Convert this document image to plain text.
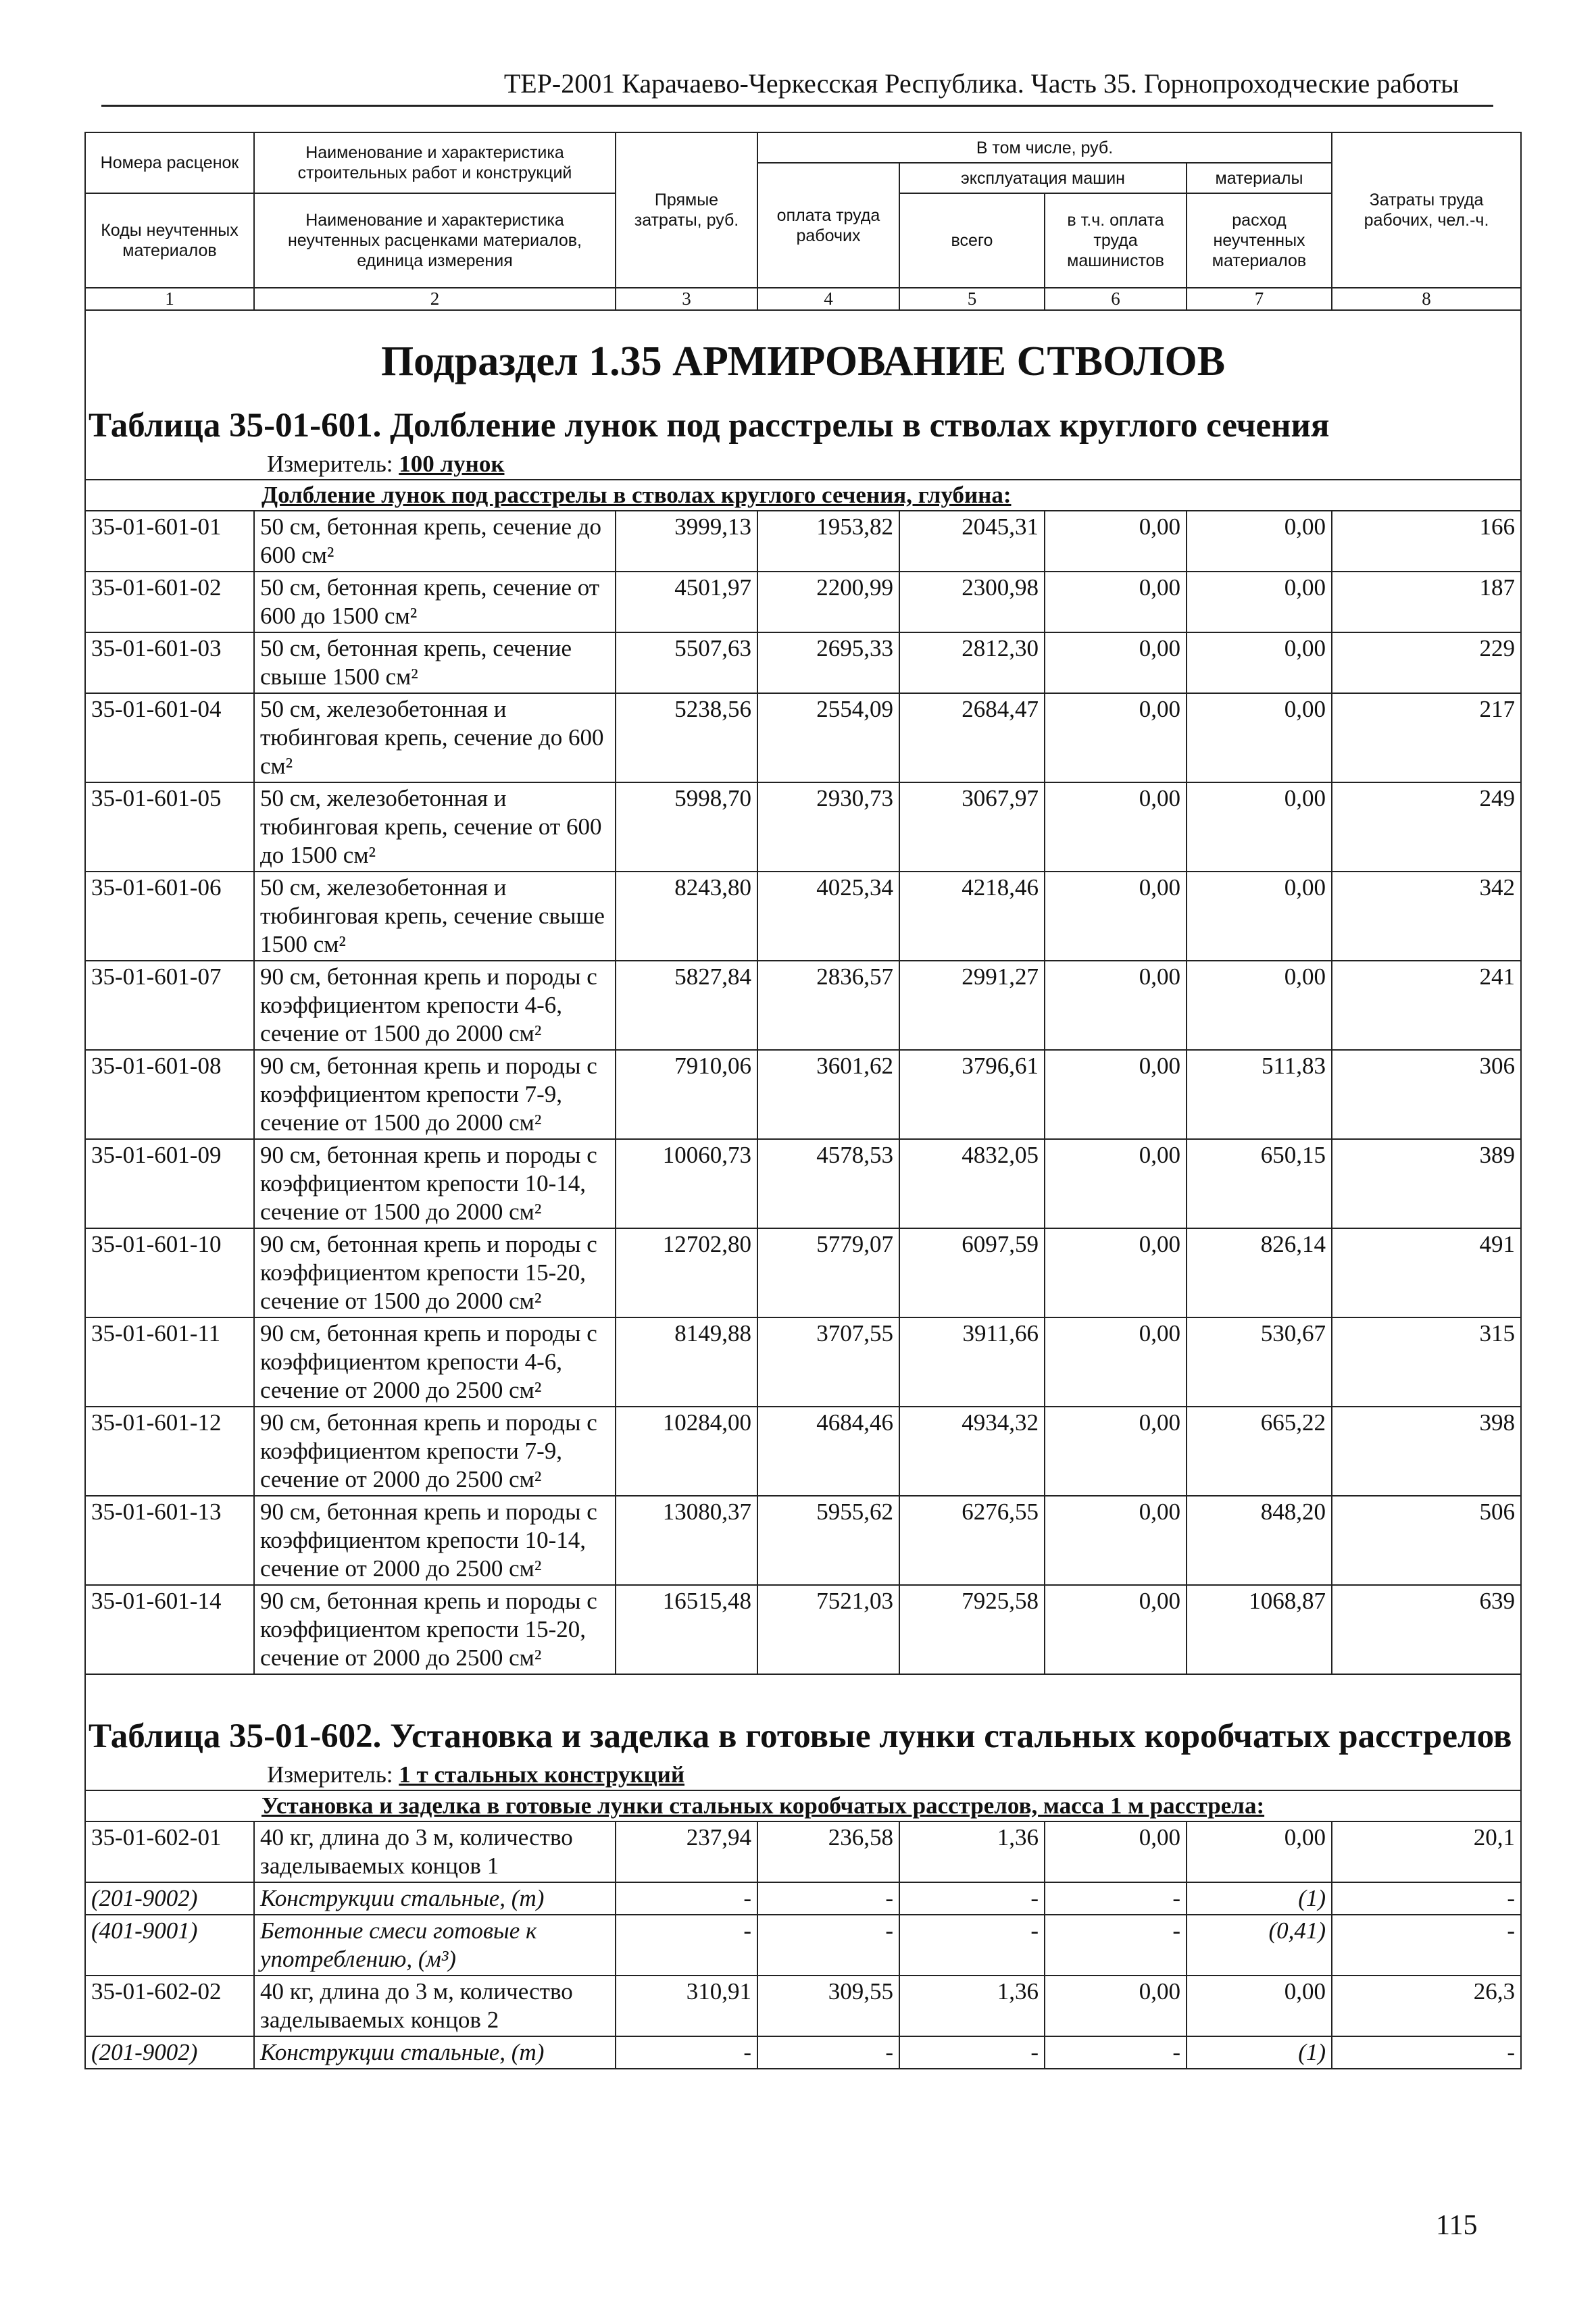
ТЕР-2001 Карачаево-Черкесская Республика. Часть 35. Горнопроходческие работы
Номера расценок	Наименование и характеристика строительных работ и конструкций	Прямые затраты, руб.	В том числе, руб.				Затраты труда рабочих, чел.-ч.
			оплата труда рабочих	эксплуатация машин		материалы	
Коды неучтенных материалов	Наименование и характеристика неучтенных расценками материалов, единица измерения			всего	в т.ч. оплата труда машинистов	расход неучтенных материалов	

1	2	3	4	5	6	7	8
Подраздел 1.35 АРМИРОВАНИЕ СТВОЛОВ							
Таблица 35-01-601. Долбление лунок под расстрелы в стволах круглого сечения							
Измеритель: 100 лунок							
Долбление лунок под расстрелы в стволах круглого сечения, глубина:							
35-01-601-01	50 см, бетонная крепь, сечение до 600 см²	3999,13	1953,82	2045,31	0,00	0,00	166
35-01-601-02	50 см, бетонная крепь, сечение от 600 до 1500 см²	4501,97	2200,99	2300,98	0,00	0,00	187
35-01-601-03	50 см, бетонная крепь, сечение свыше 1500 см²	5507,63	2695,33	2812,30	0,00	0,00	229
35-01-601-04	50 см, железобетонная и тюбинговая крепь, сечение до 600 см²	5238,56	2554,09	2684,47	0,00	0,00	217
35-01-601-05	50 см, железобетонная и тюбинговая крепь, сечение от 600 до 1500 см²	5998,70	2930,73	3067,97	0,00	0,00	249
35-01-601-06	50 см, железобетонная и тюбинговая крепь, сечение свыше 1500 см²	8243,80	4025,34	4218,46	0,00	0,00	342
35-01-601-07	90 см, бетонная крепь и породы с коэффициентом крепости 4-6, сечение от 1500 до 2000 см²	5827,84	2836,57	2991,27	0,00	0,00	241
35-01-601-08	90 см, бетонная крепь и породы с коэффициентом крепости 7-9, сечение от 1500 до 2000 см²	7910,06	3601,62	3796,61	0,00	511,83	306
35-01-601-09	90 см, бетонная крепь и породы с коэффициентом крепости 10-14, сечение от 1500 до 2000 см²	10060,73	4578,53	4832,05	0,00	650,15	389
35-01-601-10	90 см, бетонная крепь и породы с коэффициентом крепости 15-20, сечение от 1500 до 2000 см²	12702,80	5779,07	6097,59	0,00	826,14	491
35-01-601-11	90 см, бетонная крепь и породы с коэффициентом крепости 4-6, сечение от 2000 до 2500 см²	8149,88	3707,55	3911,66	0,00	530,67	315
35-01-601-12	90 см, бетонная крепь и породы с коэффициентом крепости 7-9, сечение от 2000 до 2500 см²	10284,00	4684,46	4934,32	0,00	665,22	398
35-01-601-13	90 см, бетонная крепь и породы с коэффициентом крепости 10-14, сечение от 2000 до 2500 см²	13080,37	5955,62	6276,55	0,00	848,20	506
35-01-601-14	90 см, бетонная крепь и породы с коэффициентом крепости 15-20, сечение от 2000 до 2500 см²	16515,48	7521,03	7925,58	0,00	1068,87	639

Таблица 35-01-602. Установка и заделка в готовые лунки стальных коробчатых расстрелов							
Измеритель: 1 т стальных конструкций							
Установка и заделка в готовые лунки стальных коробчатых расстрелов, масса 1 м расстрела:							
35-01-602-01	40 кг, длина до 3 м, количество заделываемых концов 1	237,94	236,58	1,36	0,00	0,00	20,1
(201-9002)	Конструкции стальные, (т)	-	-	-	-	(1)	-
(401-9001)	Бетонные смеси готовые к употреблению, (м³)	-	-	-	-	(0,41)	-
35-01-602-02	40 кг, длина до 3 м, количество заделываемых концов 2	310,91	309,55	1,36	0,00	0,00	26,3
(201-9002)	Конструкции стальные, (т)	-	-	-	-	(1)	-
115
